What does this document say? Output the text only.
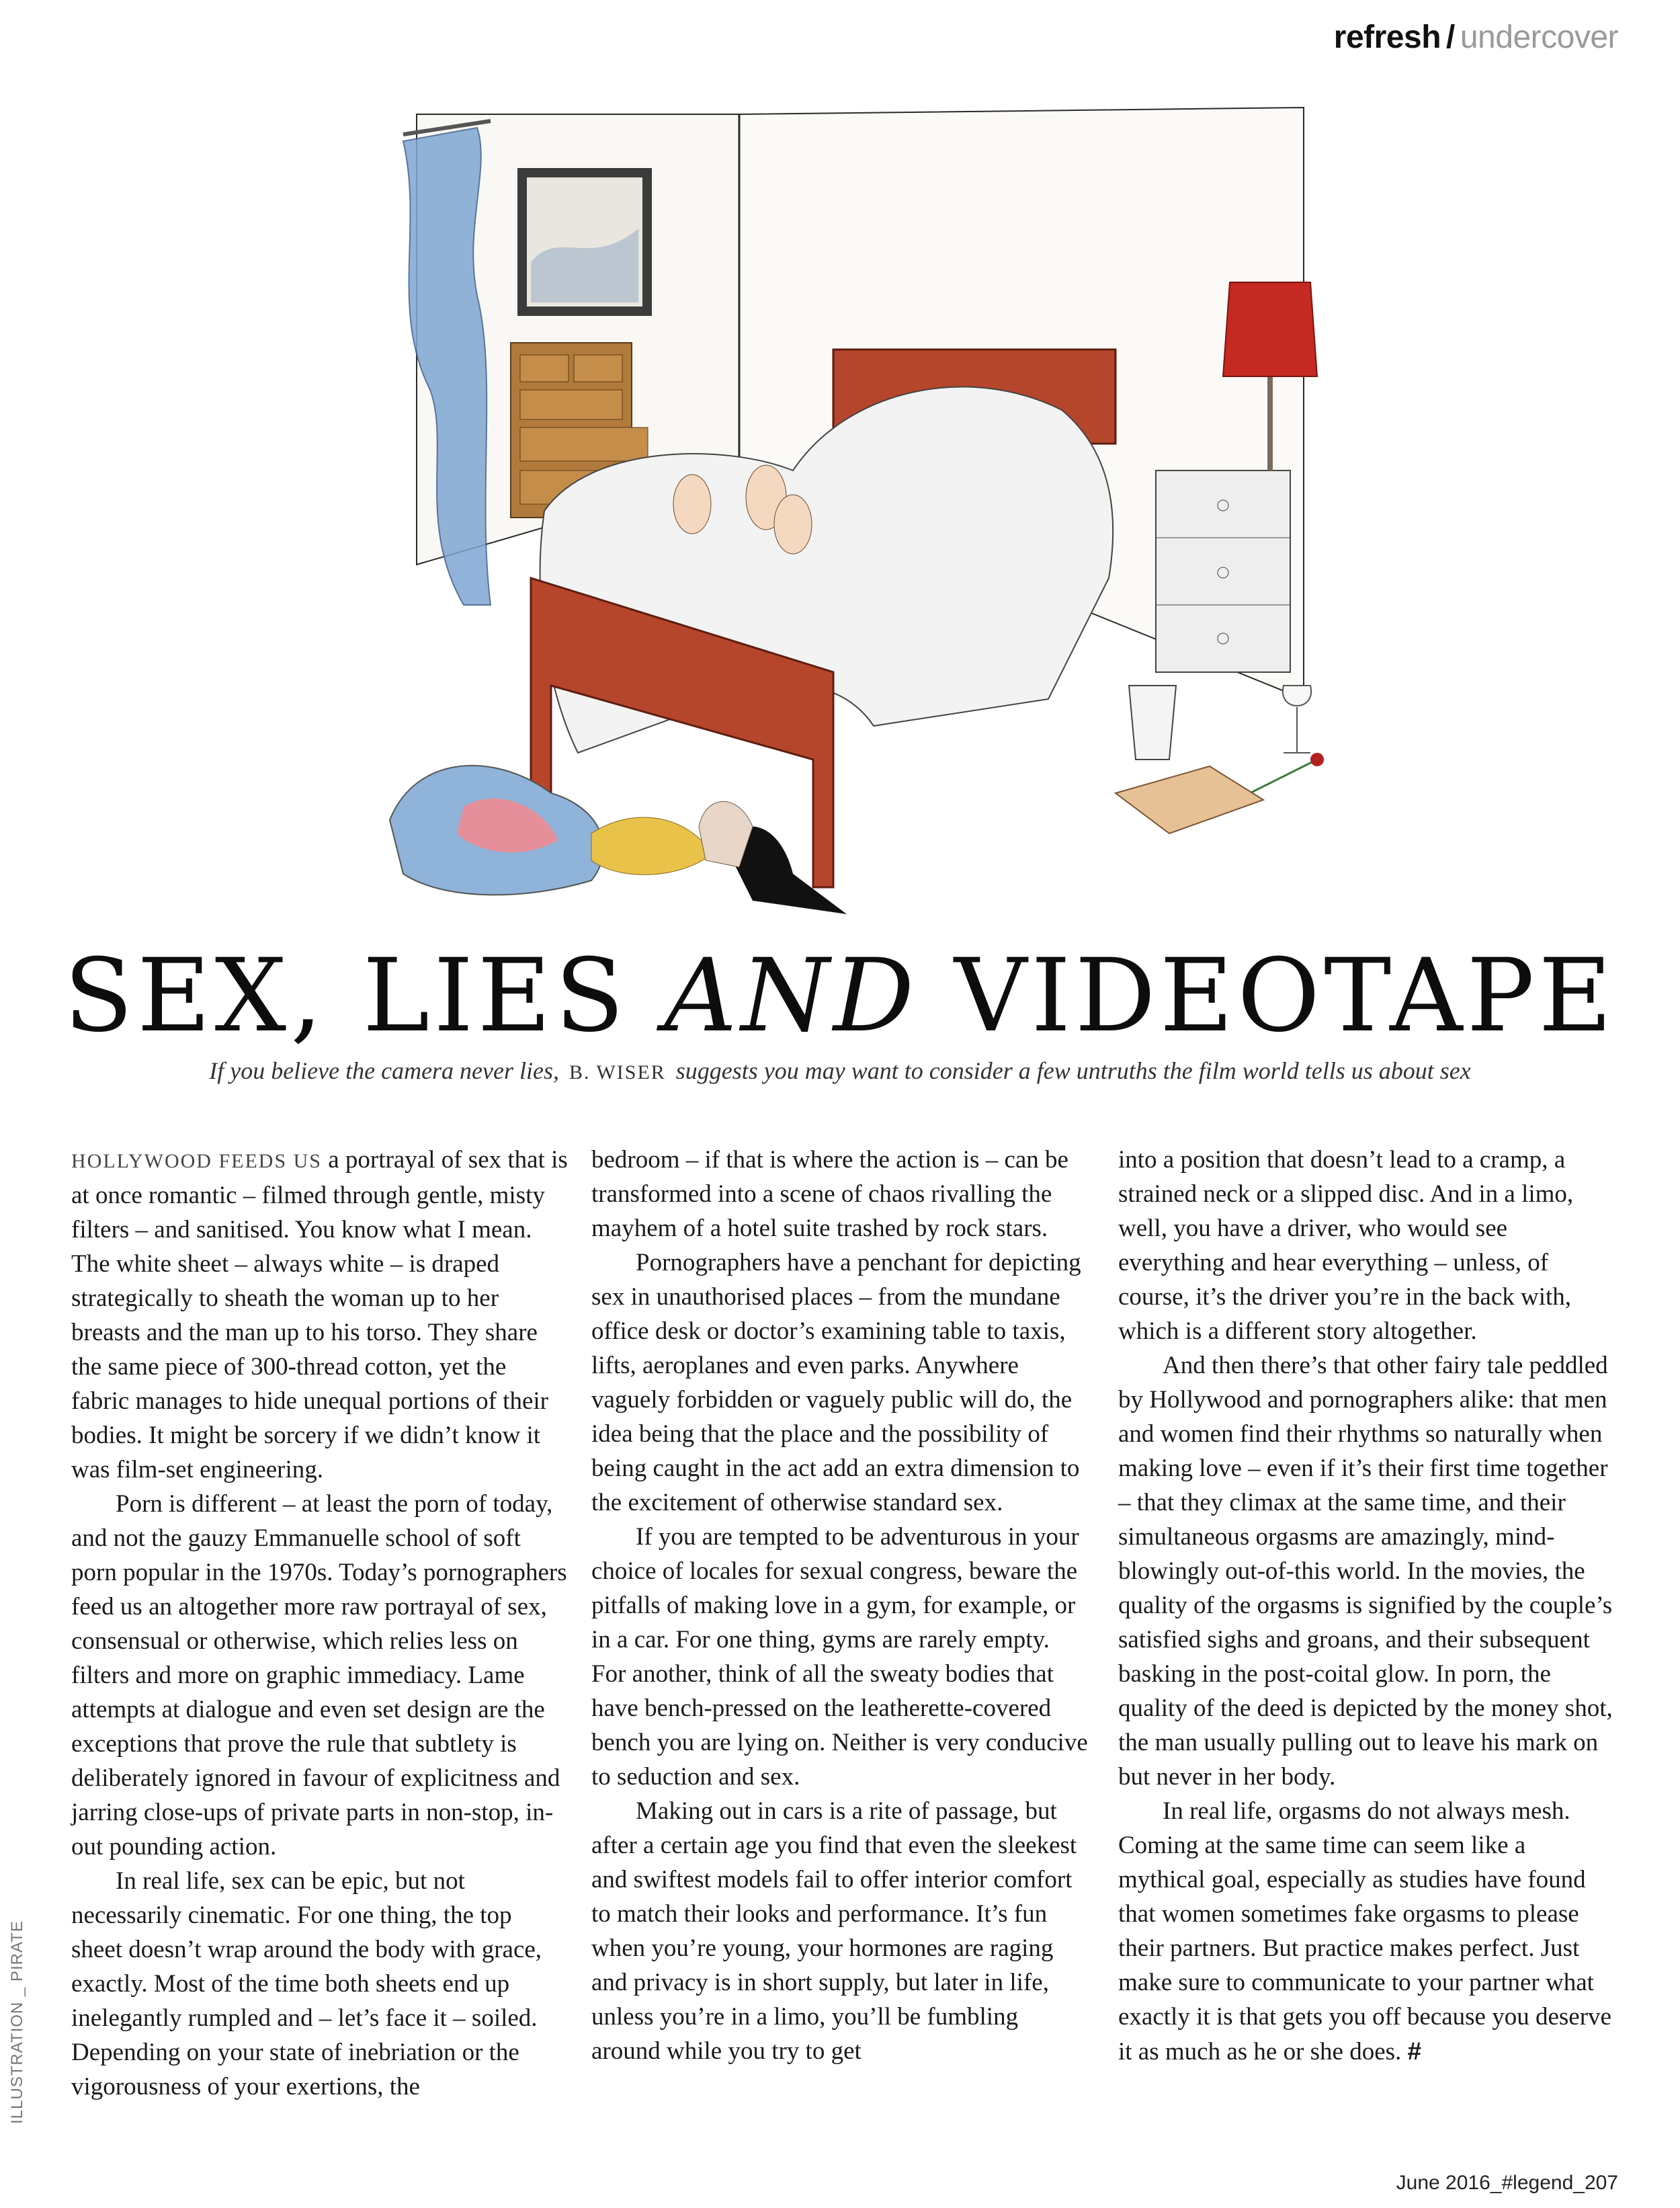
refresh / undercover
SEX, LIES AND VIDEOTAPE
If you believe the camera never lies, B. WISER suggests you may want to consider a few untruths the film world tells us about sex

HOLLYWOOD FEEDS US a portrayal of sex that is at once romantic – filmed through gentle, misty filters – and sanitised. You know what I mean. The white sheet – always white – is draped strategically to sheath the woman up to her breasts and the man up to his torso. They share the same piece of 300-thread cotton, yet the fabric manages to hide unequal portions of their bodies. It might be sorcery if we didn’t know it was film-set engineering.

Porn is different – at least the porn of today, and not the gauzy Emmanuelle school of soft porn popular in the 1970s. Today’s pornographers feed us an altogether more raw portrayal of sex, consensual or otherwise, which relies less on filters and more on graphic immediacy. Lame attempts at dialogue and even set design are the exceptions that prove the rule that subtlety is deliberately ignored in favour of explicitness and jarring close-ups of private parts in non-stop, in-out pounding action.

In real life, sex can be epic, but not necessarily cinematic. For one thing, the top sheet doesn’t wrap around the body with grace, exactly. Most of the time both sheets end up inelegantly rumpled and – let’s face it – soiled. Depending on your state of inebriation or the vigorousness of your exertions, the

bedroom – if that is where the action is – can be transformed into a scene of chaos rivalling the mayhem of a hotel suite trashed by rock stars.

Pornographers have a penchant for depicting sex in unauthorised places – from the mundane office desk or doctor’s examining table to taxis, lifts, aeroplanes and even parks. Anywhere vaguely forbidden or vaguely public will do, the idea being that the place and the possibility of being caught in the act add an extra dimension to the excitement of otherwise standard sex.

If you are tempted to be adventurous in your choice of locales for sexual congress, beware the pitfalls of making love in a gym, for example, or in a car. For one thing, gyms are rarely empty. For another, think of all the sweaty bodies that have bench-pressed on the leatherette-covered bench you are lying on. Neither is very conducive to seduction and sex.

Making out in cars is a rite of passage, but after a certain age you find that even the sleekest and swiftest models fail to offer interior comfort to match their looks and performance. It’s fun when you’re young, your hormones are raging and privacy is in short supply, but later in life, unless you’re in a limo, you’ll be fumbling around while you try to get

into a position that doesn’t lead to a cramp, a strained neck or a slipped disc. And in a limo, well, you have a driver, who would see everything and hear everything – unless, of course, it’s the driver you’re in the back with, which is a different story altogether.

And then there’s that other fairy tale peddled by Hollywood and pornographers alike: that men and women find their rhythms so naturally when making love – even if it’s their first time together – that they climax at the same time, and their simultaneous orgasms are amazingly, mind-blowingly out-of-this world. In the movies, the quality of the orgasms is signified by the couple’s satisfied sighs and groans, and their subsequent basking in the post-coital glow. In porn, the quality of the deed is depicted by the money shot, the man usually pulling out to leave his mark on but never in her body.

In real life, orgasms do not always mesh. Coming at the same time can seem like a mythical goal, especially as studies have found that women sometimes fake orgasms to please their partners. But practice makes perfect. Just make sure to communicate to your partner what exactly it is that gets you off because you deserve it as much as he or she does. #

ILLUSTRATION _ PIRATE
June 2016_#legend_207
